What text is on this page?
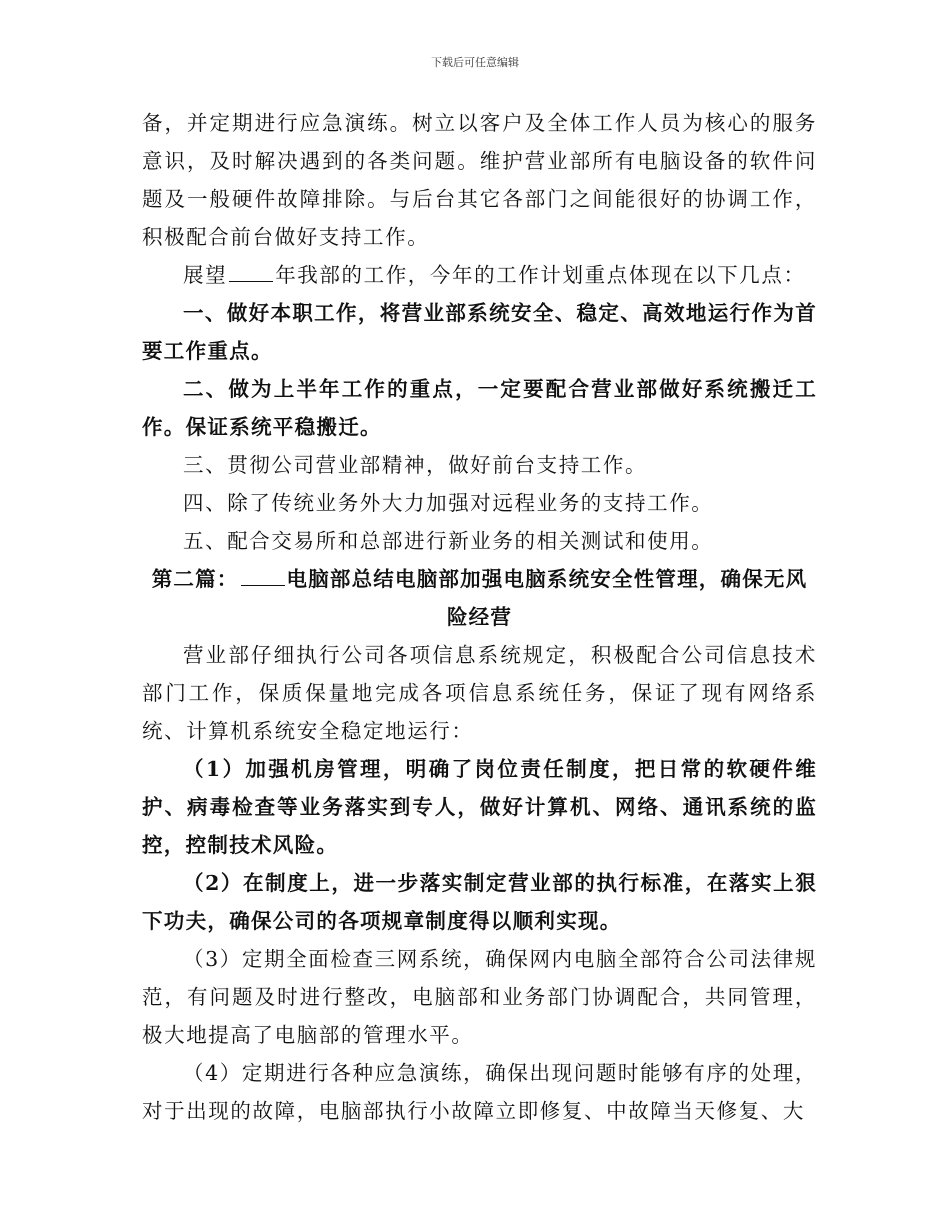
下载后可任意编辑

备，并定期进行应急演练。树立以客户及全体工作人员为核心的服务意识，及时解决遇到的各类问题。维护营业部所有电脑设备的软件问题及一般硬件故障排除。与后台其它各部门之间能很好的协调工作，积极配合前台做好支持工作。

展望 年我部的工作，今年的工作计划重点体现在以下几点：

一、做好本职工作，将营业部系统安全、稳定、高效地运行作为首要工作重点。

二、做为上半年工作的重点，一定要配合营业部做好系统搬迁工作。保证系统平稳搬迁。

三、贯彻公司营业部精神，做好前台支持工作。

四、除了传统业务外大力加强对远程业务的支持工作。

五、配合交易所和总部进行新业务的相关测试和使用。

第二篇： 电脑部总结电脑部加强电脑系统安全性管理，确保无风险经营

营业部仔细执行公司各项信息系统规定，积极配合公司信息技术部门工作，保质保量地完成各项信息系统任务，保证了现有网络系统、计算机系统安全稳定地运行：

（1）加强机房管理，明确了岗位责任制度，把日常的软硬件维护、病毒检查等业务落实到专人，做好计算机、网络、通讯系统的监控，控制技术风险。

（2）在制度上，进一步落实制定营业部的执行标准，在落实上狠下功夫，确保公司的各项规章制度得以顺利实现。

（3）定期全面检查三网系统，确保网内电脑全部符合公司法律规范，有问题及时进行整改，电脑部和业务部门协调配合，共同管理，极大地提高了电脑部的管理水平。

（4）定期进行各种应急演练，确保出现问题时能够有序的处理，对于出现的故障，电脑部执行小故障立即修复、中故障当天修复、大
